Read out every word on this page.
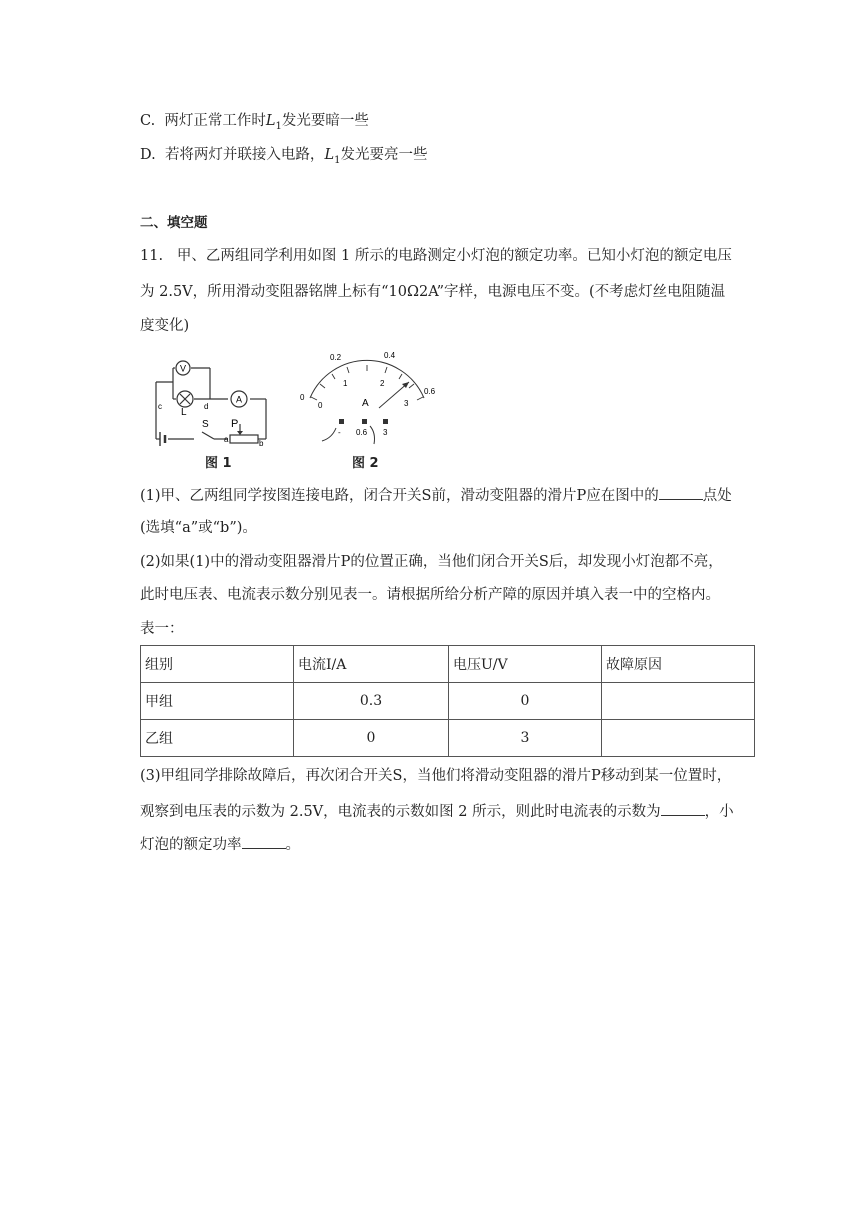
C. 两灯正常工作时$L_1$发光要暗一些
D. 若将两灯并联接入电路，$L_1$发光要亮一些
二、填空题
11. 甲、乙两组同学利用如图 1 所示的电路测定小灯泡的额定功率。已知小灯泡的额定电压
为 2.5V，所用滑动变阻器铭牌上标有“10Ω2A”字样，电源电压不变。(不考虑灯丝电阻随温
度变化)
V
A
c	d
L
S P
a	b
图 1
0
0.2	0.4
0.6
0
1	2
3
A
- 0.6 3
图 2
(1)甲、乙两组同学按图连接电路，闭合开关S前，滑动变阻器的滑片P应在图中的	点处
(选填“a”或“b”)。
(2)如果(1)中的滑动变阻器滑片P的位置正确，当他们闭合开关S后，却发现小灯泡都不亮，
此时电压表、电流表示数分别见表一。请根据所给分析产障的原因并填入表一中的空格内。
表一：
组别	电流I/A	电压U/V	故障原因
甲组	0.3	0	
乙组	0	3	
(3)甲组同学排除故障后，再次闭合开关S，当他们将滑动变阻器的滑片P移动到某一位置时，
观察到电压表的示数为 2.5V，电流表的示数如图 2 所示，则此时电流表的示数为	，小
灯泡的额定功率	。
